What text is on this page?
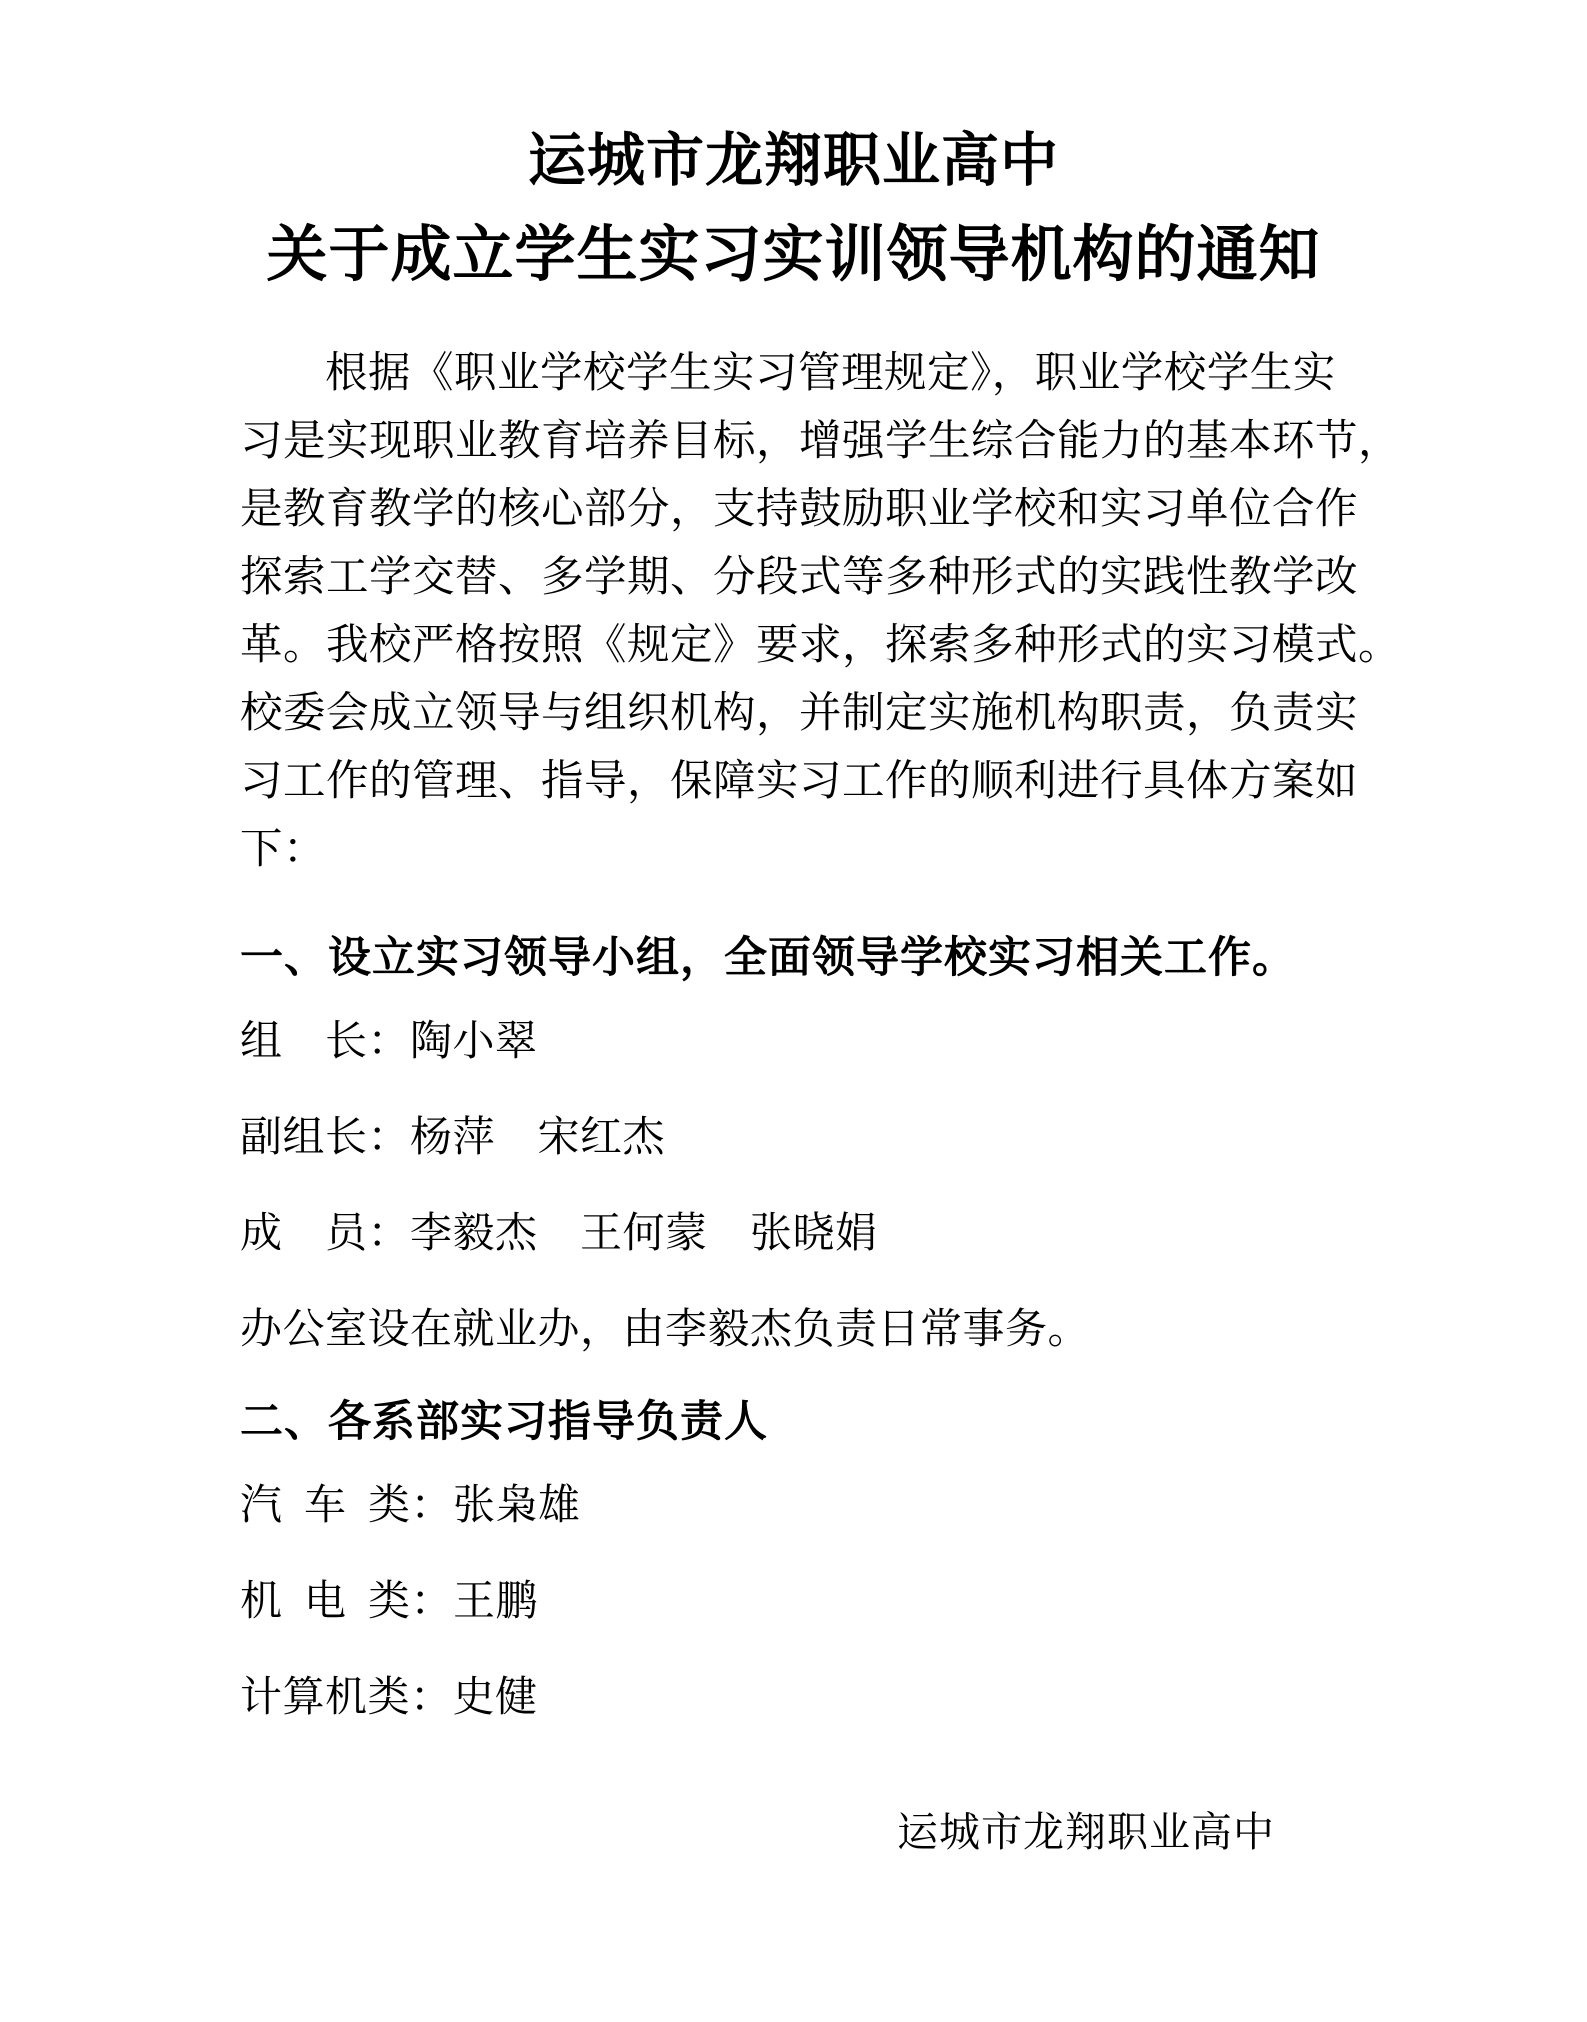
运城市龙翔职业高中
关于成立学生实习实训领导机构的通知
根据《职业学校学生实习管理规定》，职业学校学生实
习是实现职业教育培养目标，增强学生综合能力的基本环节，
是教育教学的核心部分，支持鼓励职业学校和实习单位合作
探索工学交替、多学期、分段式等多种形式的实践性教学改
革。我校严格按照《规定》要求，探索多种形式的实习模式。
校委会成立领导与组织机构，并制定实施机构职责，负责实
习工作的管理、指导，保障实习工作的顺利进行具体方案如
下：
一、设立实习领导小组，全面领导学校实习相关工作。
组　长：陶小翠
副组长：杨萍　宋红杰
成　员：李毅杰　王何蒙　张晓娟
办公室设在就业办，由李毅杰负责日常事务。
二、各系部实习指导负责人
汽 车 类：张枭雄
机 电 类：王鹏
计算机类：史健
运城市龙翔职业高中
